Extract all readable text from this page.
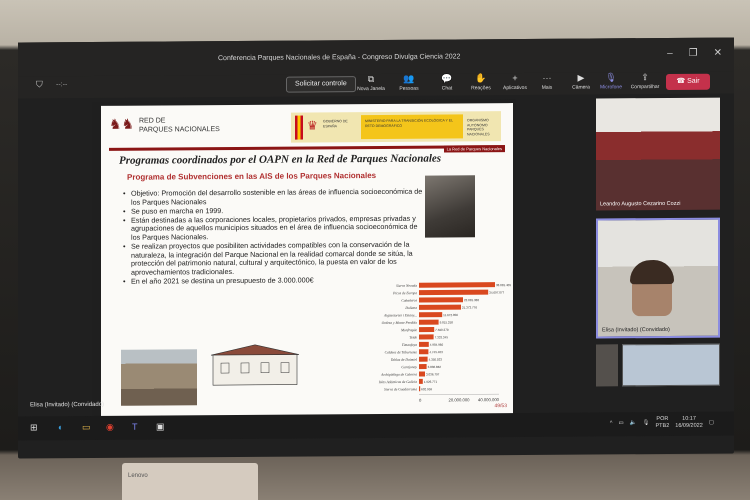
Conferencia Parques Nacionales de España - Congreso Divulga Ciencia 2022	– ❐ ✕
⛉ --:--	Solicitar controle	⧉
Nova Janela
👥
Pessoas
💬
Chat
✋
Reações
+
Aplicativos
···
Mais
▶
Câmera
🎙
Microfone
⇪
Compartilhar
☎ Sair
♞♞ RED DE
PARQUES NACIONALES	♛ GOBIERNO DE ESPAÑA
MINISTERIO PARA LA TRANSICIÓN ECOLÓGICA Y EL RETO DEMOGRÁFICO
ORGANISMO AUTÓNOMO PARQUES NACIONALES
La Red de Parques Nacionales
Programas coordinados por el OAPN en la Red de Parques Nacionales
Programa de Subvenciones en las AIS de los Parques Nacionales
• Objetivo: Promoción del desarrollo sostenible en las áreas de influencia socioeconómica de los Parques Nacionales
• Se puso en marcha en 1999.
• Están destinadas a las corporaciones locales, propietarios privados, empresas privadas y agrupaciones de aquellos municipios situados en el área de influencia socioeconómica de los Parques Nacionales.
• Se realizan proyectos que posibiliten actividades compatibles con la conservación de la naturaleza, la integración del Parque Nacional en la realidad comarcal donde se sitúa, la protección del patrimonio natural, cultural y arquitectónico, la puesta en valor de los aprovechamientos tradicionales.
• En el año 2021 se destina un presupuesto de 3.000.000€
Sierra Nevada	38.081.405
Picos de Europa	34.697.077
Cabañeros	22.081.388
Doñana	21.373.776
Aigüestortes i Estany...	11.672.856
Ordesa y Monte Perdido	9.815.258
Monfragüe	7.590.370
Teide	7.333.345
Timanfaya	4.984.960
Caldera de Taburiente	4.745.403
Tablas de Daimiel	4.350.033
Garajonay	3.838.862
Archipiélago de Cabrera	3.036.797
Islas Atlánticas de Galicia 1.926.771
Sierra de Guadarrama 602.959
0	20.000.000 40.000.000
49/53
Leandro Augusto Cezarino Cozzi
Elisa (Invitado) (Convidado)
Elisa (Invitado) (Convidado)
⊞ ◐ ▭ ◉ T ▣	^ ▭ 🔈 🎙
POR
PTB2
10:17
16/09/2022
▢
Lenovo
